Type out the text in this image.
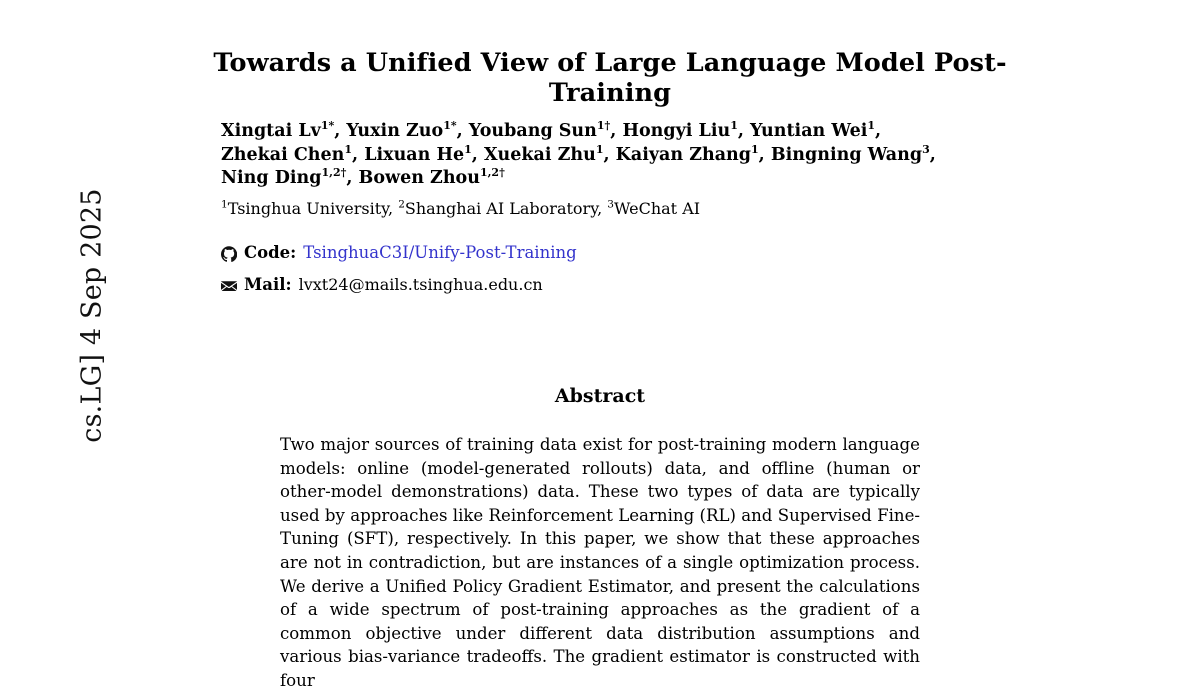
cs.LG] 4 Sep 2025
Towards a Unified View of Large Language Model Post-Training
Xingtai $Lv^{1*}$, Yuxin Zuo$^{1*}$, Youbang Sun$^{1\dagger}$, Hongyi Liu$^1$, Yuntian Wei$^1$,
Zhekai Chen$^1$, Lixuan He$^1$, Xuekai Zhu$^1$, Kaiyan Zhang$^1$, Bingning Wang$^3$,
Ning Ding$^{1,2\dagger}$, Bowen Zhou$^{1,2\dagger}$
$^1$Tsinghua University, $^2$Shanghai AI Laboratory, $^3$WeChat AI
Code: TsinghuaC3I/Unify-Post-Training
Mail: lvxt24@mails.tsinghua.edu.cn
Abstract

Two major sources of training data exist for post-training modern language models: online (model-generated rollouts) data, and offline (human or other-model demonstrations) data. These two types of data are typically used by approaches like Reinforcement Learning (RL) and Supervised Fine-Tuning (SFT), respectively. In this paper, we show that these approaches are not in contradiction, but are instances of a single optimization process. We derive a Unified Policy Gradient Estimator, and present the calculations of a wide spectrum of post-training approaches as the gradient of a common objective under different data distribution assumptions and various bias-variance tradeoffs. The gradient estimator is constructed with four
